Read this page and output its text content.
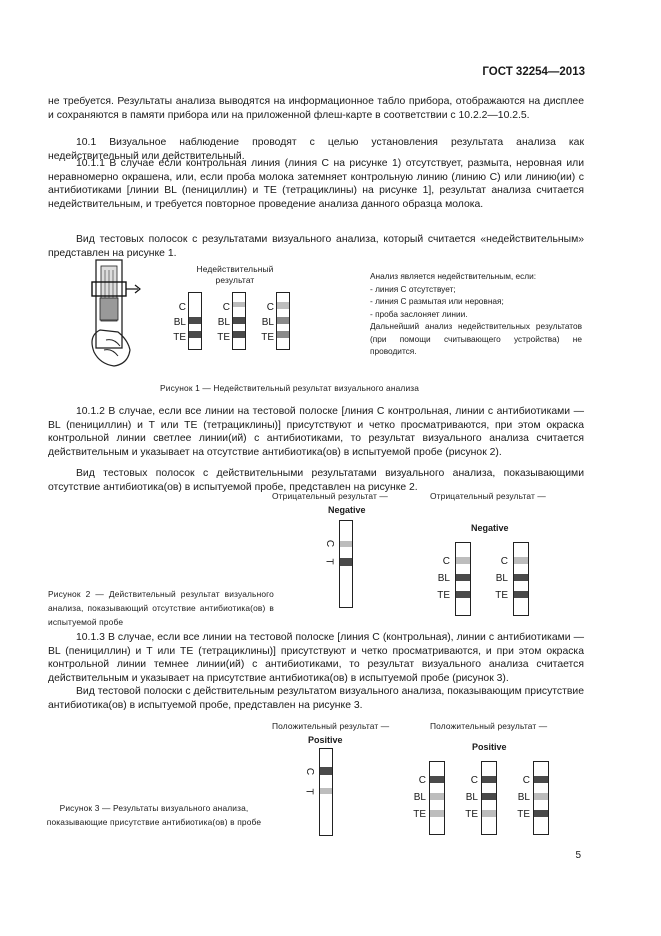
ГОСТ 32254—2013
не требуется. Результаты анализа выводятся на информационное табло прибора, отображаются на дисплее и сохраняются в памяти прибора или на приложенной флеш-карте в соответствии с 10.2.2—10.2.5.
10.1 Визуальное наблюдение проводят с целью установления результата анализа как недействительный или действительный.
10.1.1 В случае если контрольная линия (линия С на рисунке 1) отсутствует, размыта, неровная или неравномерно окрашена, или, если проба молока затемняет контрольную линию (линию С) или линию(ии) с антибиотиками [линии BL (пенициллин) и ТЕ (тетрациклины) на рисунке 1], результат анализа считается недействительным, и требуется повторное проведение анализа данного образца молока.
Вид тестовых полосок с результатами визуального анализа, который считается «недействительным» представлен на рисунке 1.
Недействительный результат
C
BL
TE
C
BL
TE
C
BL
TE
Анализ является недействительным, если:
- линия С отсутствует;
- линия С размытая или неровная;
- проба заслоняет линии.
Дальнейший анализ недействительных результатов (при помощи считывающего устройства) не проводится.
Рисунок 1 — Недействительный результат визуального анализа
10.1.2 В случае, если все линии на тестовой полоске [линия С контрольная, линии с антибиотиками — BL (пенициллин) и Т или ТЕ (тетрациклины)] присутствуют и четко просматриваются, при этом окраска контрольной линии светлее линии(ий) с антибиотиками, то результат визуального анализа считается действительным и указывает на отсутствие антибиотика(ов) в испытуемой пробе (рисунок 2).
Вид тестовых полосок с действительными результатами визуального анализа, показывающими отсутствие антибиотика(ов) в испытуемой пробе, представлен на рисунке 2.
Отрицательный результат —
Negative
Отрицательный результат —
Negative
C
T	C
BL
TE
C
BL
TE
Рисунок 2 — Действительный результат визуального анализа, показывающий отсутствие антибиотика(ов) в испытуемой пробе
10.1.3 В случае, если все линии на тестовой полоске [линия С (контрольная), линии с антибиотиками — BL (пенициллин) и Т или ТЕ (тетрациклины)] присутствуют и четко просматриваются, и при этом окраска контрольной линии темнее линии(ий) с антибиотиками, то результат визуального анализа считается действительным и указывает на присутствие антибиотика(ов) в испытуемой пробе (рисунок 3).
Вид тестовой полоски с действительным результатом визуального анализа, показывающим присутствие антибиотика(ов) в испытуемой пробе, представлен на рисунке 3.
Положительный результат —
Positive
Положительный результат —
Positive
C
T
C
BL
TE
C
BL
TE
C
BL
TE
Рисунок 3 — Результаты визуального анализа, показывающие присутствие антибиотика(ов) в пробе
5
